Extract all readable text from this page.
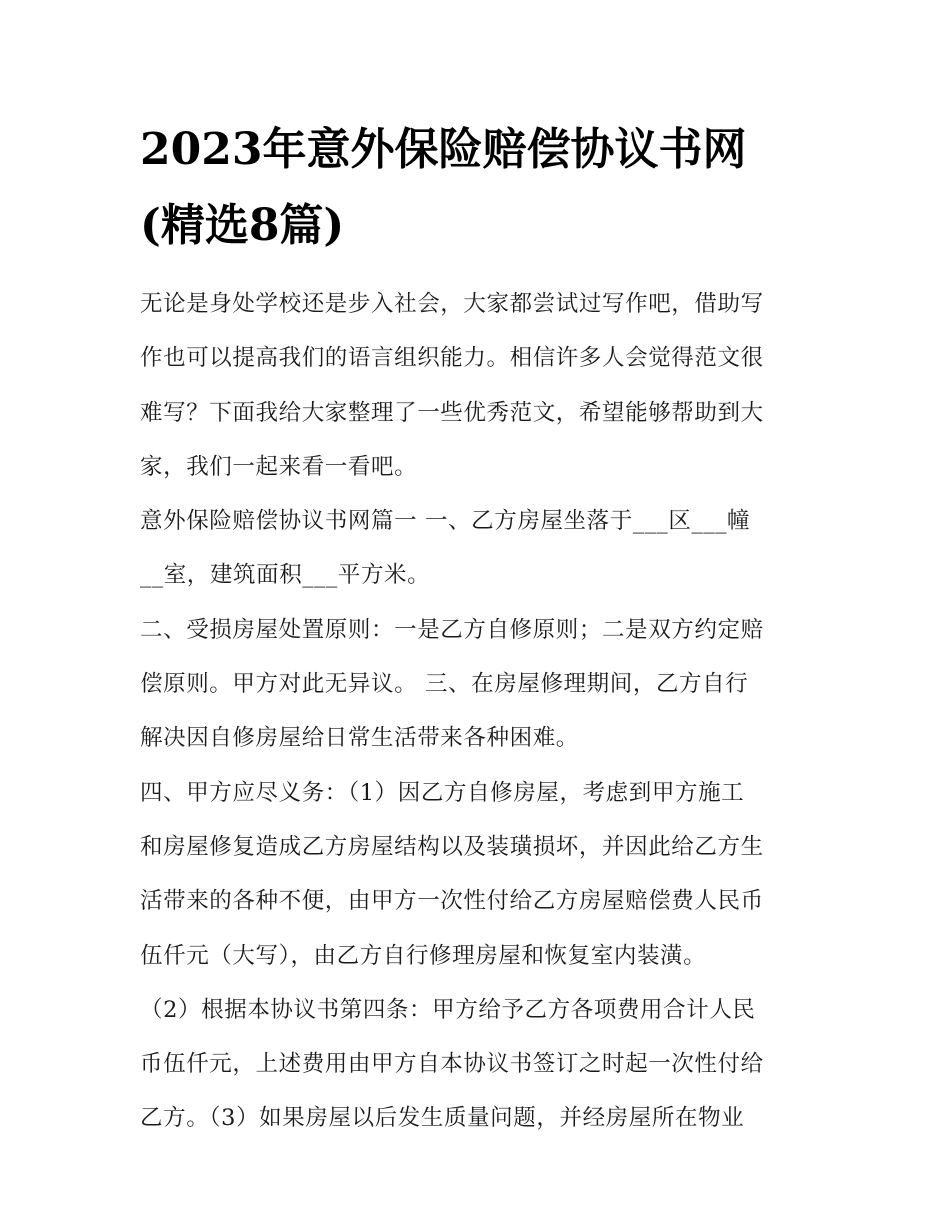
2023年意外保险赔偿协议书网
(精选8篇)
无论是身处学校还是步入社会，大家都尝试过写作吧，借助写
作也可以提高我们的语言组织能力。相信许多人会觉得范文很
难写？下面我给大家整理了一些优秀范文，希望能够帮助到大
家，我们一起来看一看吧。
意外保险赔偿协议书网篇一 一、乙方房屋坐落于___区___幢
__室，建筑面积___平方米。
二、受损房屋处置原则：一是乙方自修原则；二是双方约定赔
偿原则。甲方对此无异议。 三、在房屋修理期间，乙方自行
解决因自修房屋给日常生活带来各种困难。
四、甲方应尽义务：（1）因乙方自修房屋，考虑到甲方施工
和房屋修复造成乙方房屋结构以及装璜损坏，并因此给乙方生
活带来的各种不便，由甲方一次性付给乙方房屋赔偿费人民币
伍仟元（大写），由乙方自行修理房屋和恢复室内装潢。
（2）根据本协议书第四条：甲方给予乙方各项费用合计人民
币伍仟元，上述费用由甲方自本协议书签订之时起一次性付给
乙方。（3）如果房屋以后发生质量问题，并经房屋所在物业
